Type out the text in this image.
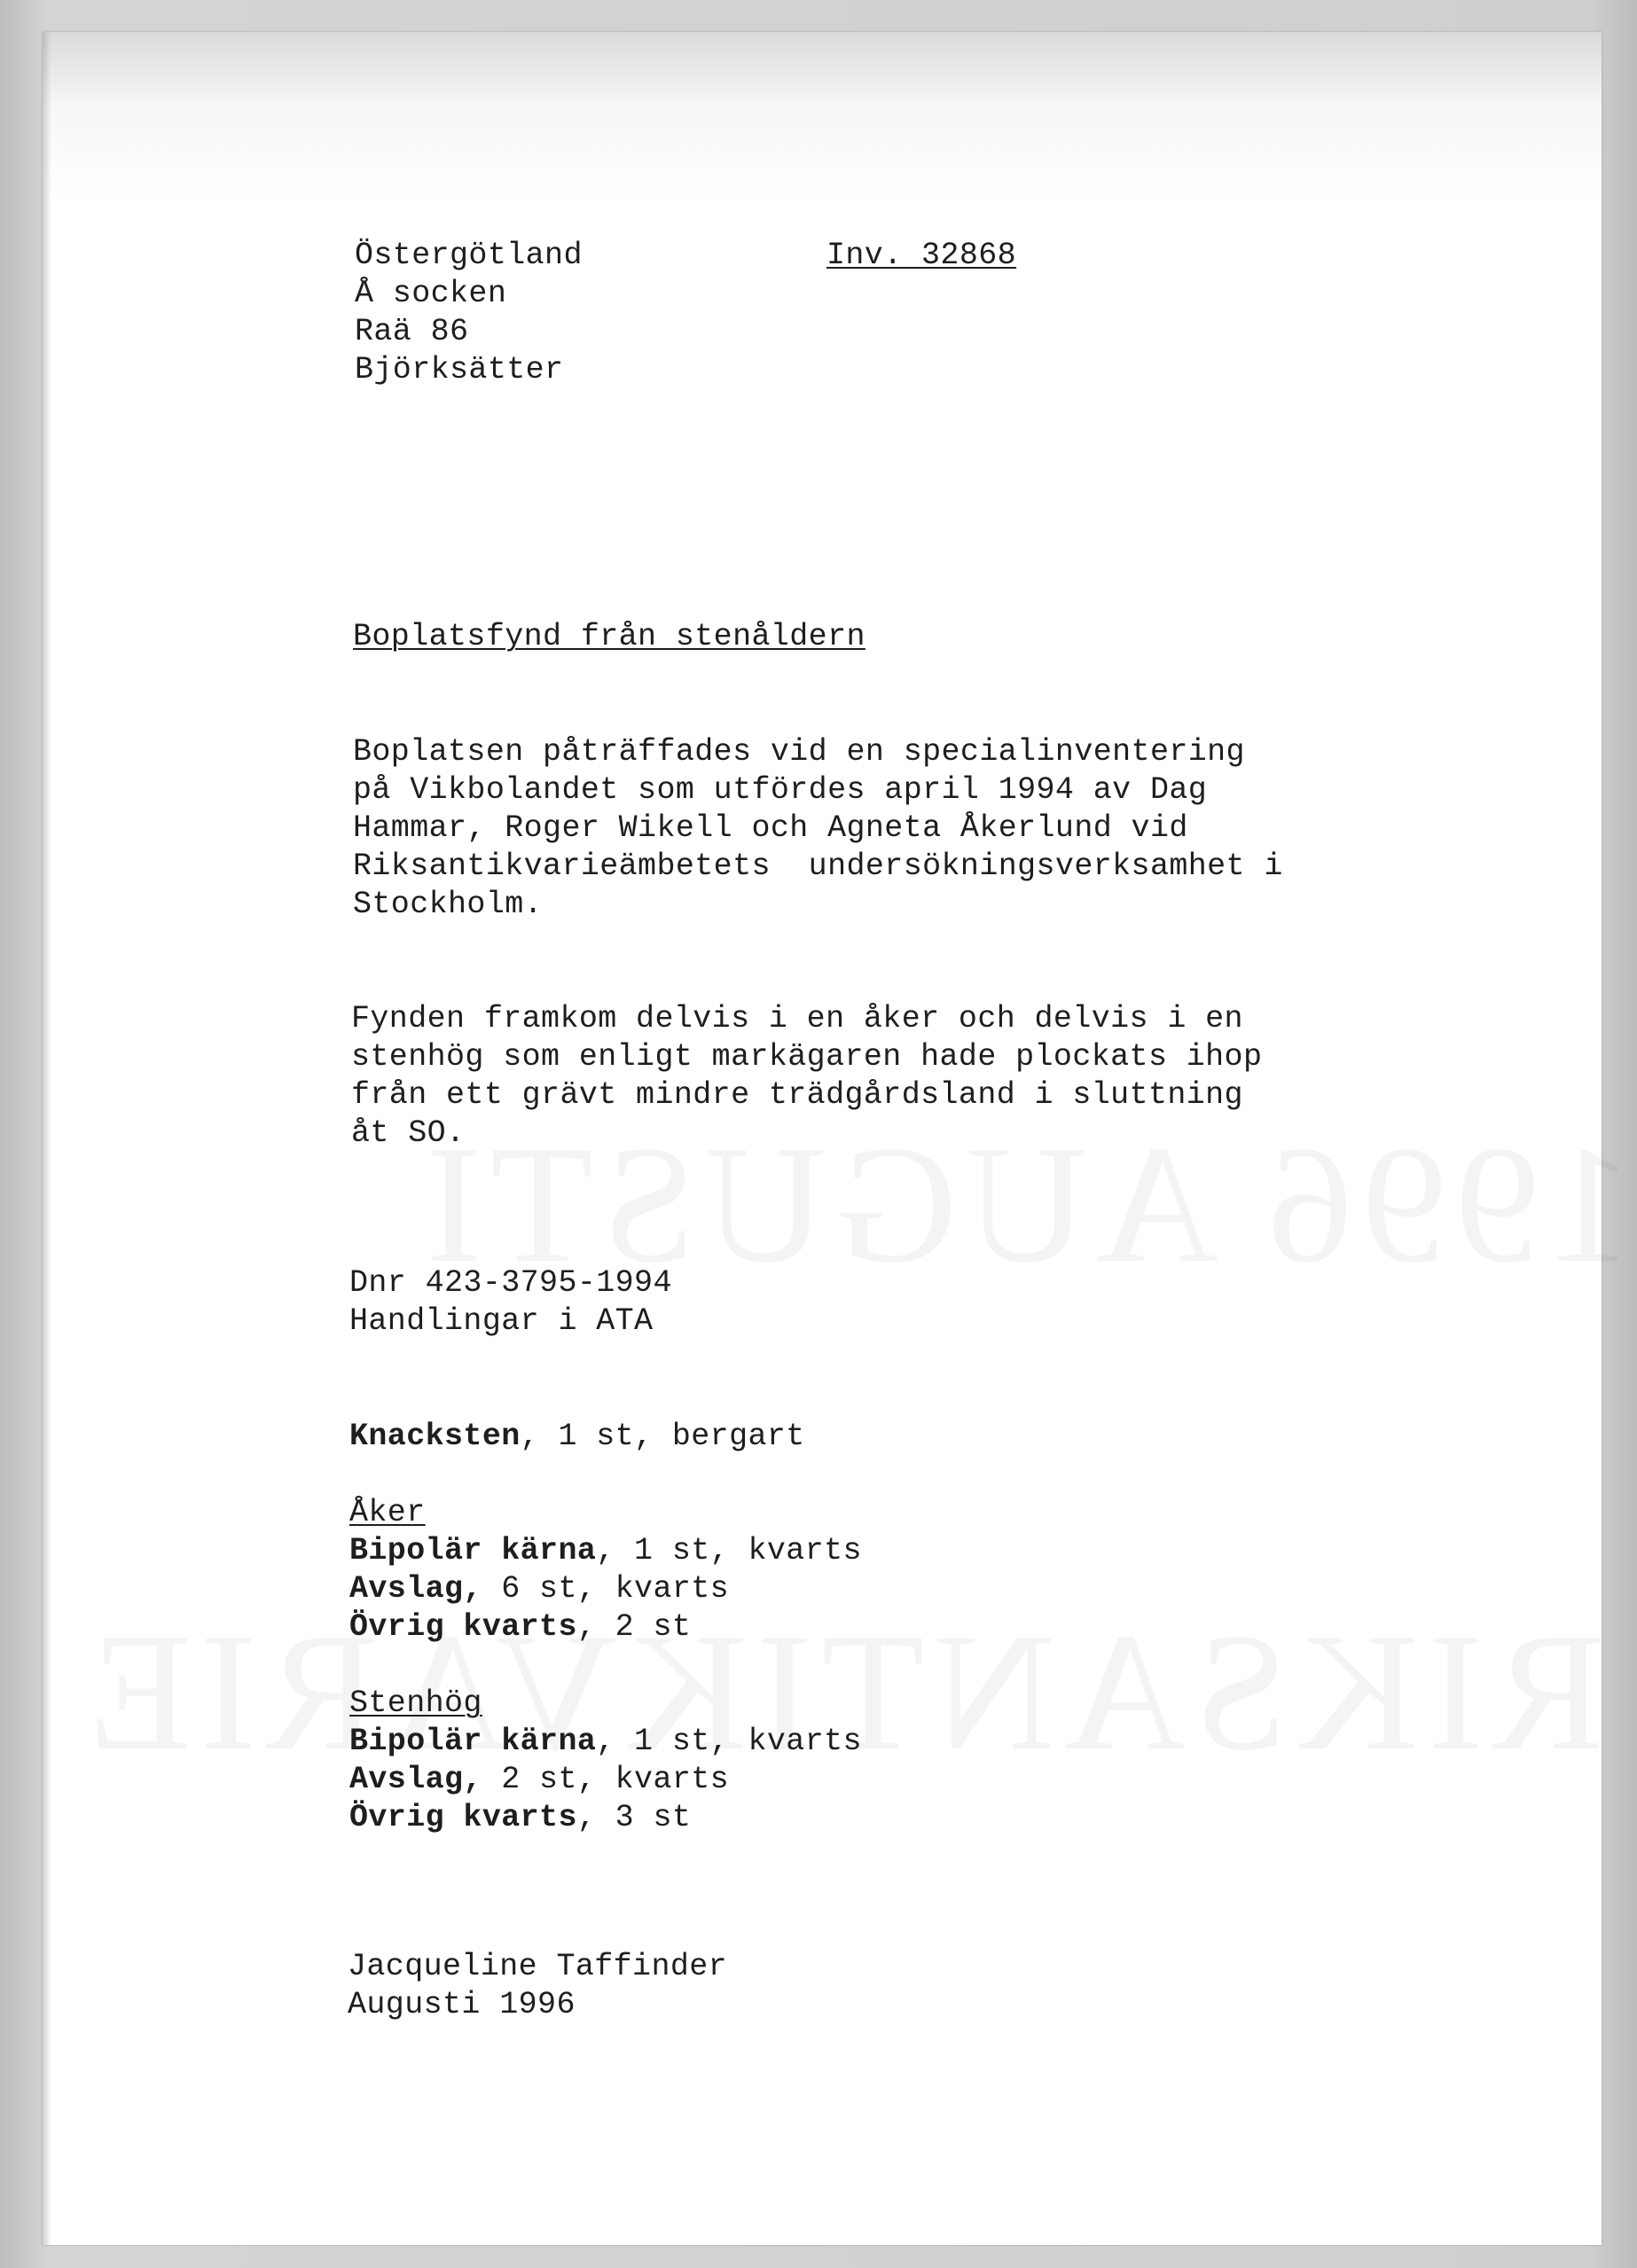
Östergötland	Inv. 32868
Å socken
Raä 86
Björksätter
Boplatsfynd från stenåldern
Boplatsen påträffades vid en specialinventering
på Vikbolandet som utfördes april 1994 av Dag
Hammar, Roger Wikell och Agneta Åkerlund vid
Riksantikvarieämbetets  undersökningsverksamhet i
Stockholm.
Fynden framkom delvis i en åker och delvis i en
stenhög som enligt markägaren hade plockats ihop
från ett grävt mindre trädgårdsland i sluttning
åt SO.
Dnr 423-3795-1994
Handlingar i ATA
Knacksten, 1 st, bergart
Åker
Bipolär kärna, 1 st, kvarts
Avslag, 6 st, kvarts
Övrig kvarts, 2 st
Stenhög
Bipolär kärna, 1 st, kvarts
Avslag, 2 st, kvarts
Övrig kvarts, 3 st
Jacqueline Taffinder
Augusti 1996
